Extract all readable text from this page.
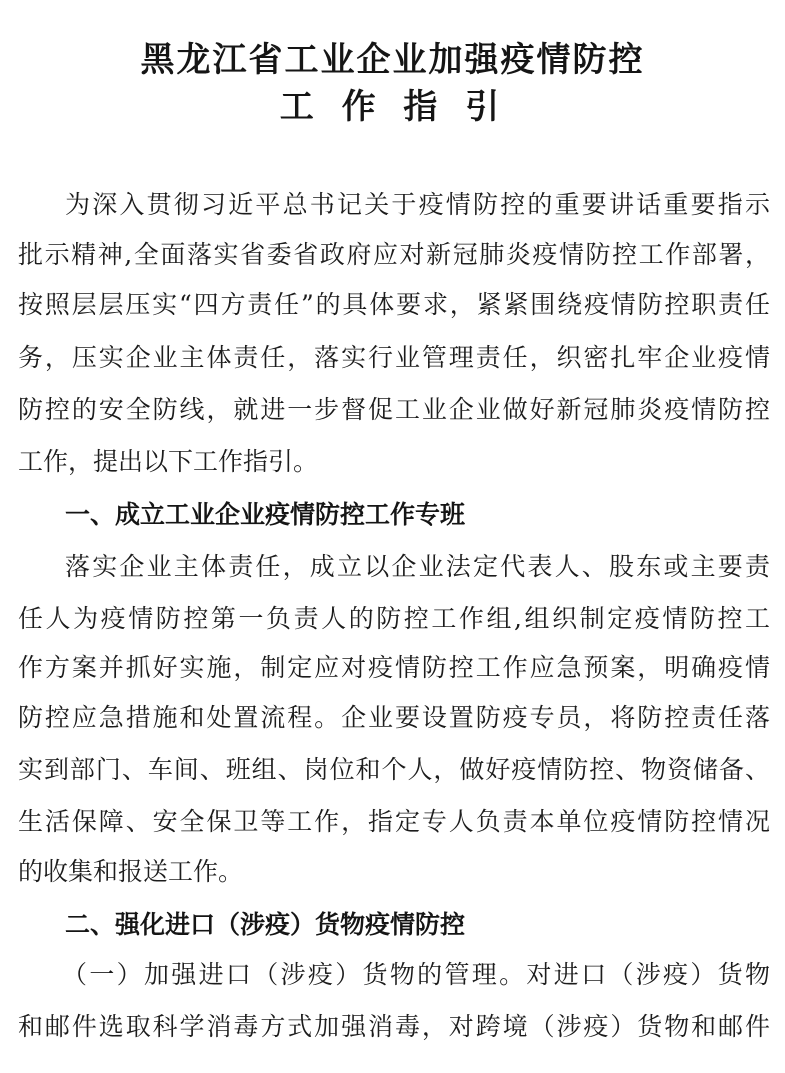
黑龙江省工业企业加强疫情防控
工 作 指 引
为深入贯彻习近平总书记关于疫情防控的重要讲话重要指示
批示精神,全面落实省委省政府应对新冠肺炎疫情防控工作部署，
按照层层压实“四方责任”的具体要求，紧紧围绕疫情防控职责任
务，压实企业主体责任，落实行业管理责任，织密扎牢企业疫情
防控的安全防线，就进一步督促工业企业做好新冠肺炎疫情防控
工作，提出以下工作指引。
一、成立工业企业疫情防控工作专班
落实企业主体责任，成立以企业法定代表人、股东或主要责
任人为疫情防控第一负责人的防控工作组,组织制定疫情防控工
作方案并抓好实施，制定应对疫情防控工作应急预案，明确疫情
防控应急措施和处置流程。企业要设置防疫专员，将防控责任落
实到部门、车间、班组、岗位和个人，做好疫情防控、物资储备、
生活保障、安全保卫等工作，指定专人负责本单位疫情防控情况
的收集和报送工作。
二、强化进口（涉疫）货物疫情防控
（一）加强进口（涉疫）货物的管理。对进口（涉疫）货物
和邮件选取科学消毒方式加强消毒，对跨境（涉疫）货物和邮件
